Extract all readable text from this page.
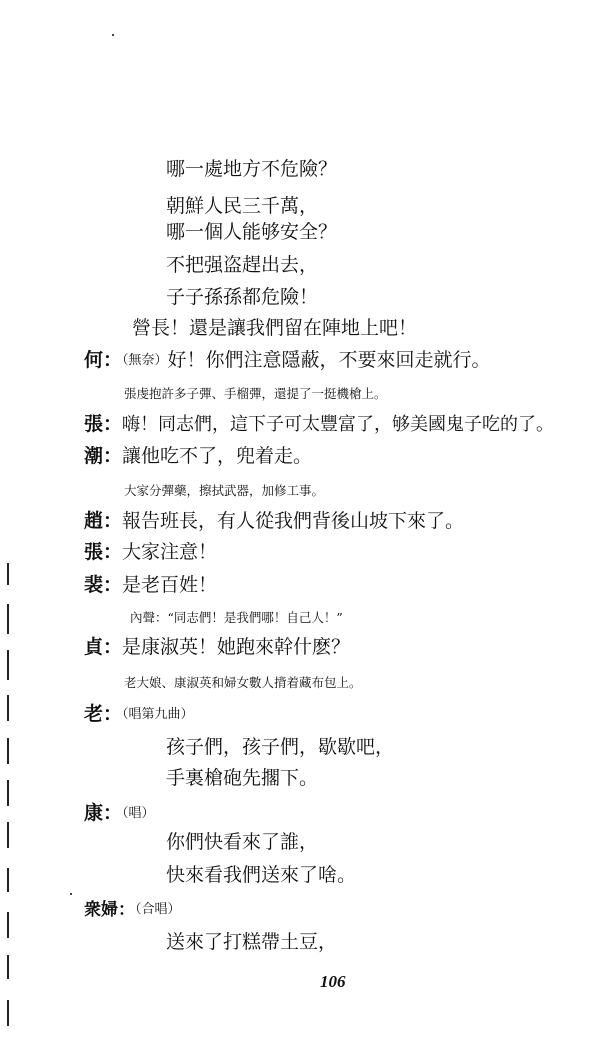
哪一處地方不危險？
朝鮮人民三千萬，
哪一個人能够安全？
不把强盗趕出去，
子子孫孫都危險！
營長！還是讓我們留在陣地上吧！
何：（無奈）好！你們注意隱蔽，不要來回走就行。
張虔抱許多子彈、手榴彈，還提了一挺機槍上。
張：嗨！同志們，這下子可太豐富了，够美國鬼子吃的了。
潮：讓他吃不了，兜着走。
大家分彈藥，擦拭武器，加修工事。
趙：報告班長，有人從我們背後山坡下來了。
張：大家注意！
裴：是老百姓！
內聲：“同志們！是我們哪！自己人！”
貞：是康淑英！她跑來幹什麽？
老大娘、康淑英和婦女數人揹着藏布包上。
老：（唱第九曲）
孩子們，孩子們，歇歇吧，
手裏槍砲先擱下。
康：（唱）
你們快看來了誰，
快來看我們送來了啥。
衆婦：（合唱）
送來了打糕帶土豆，
106
